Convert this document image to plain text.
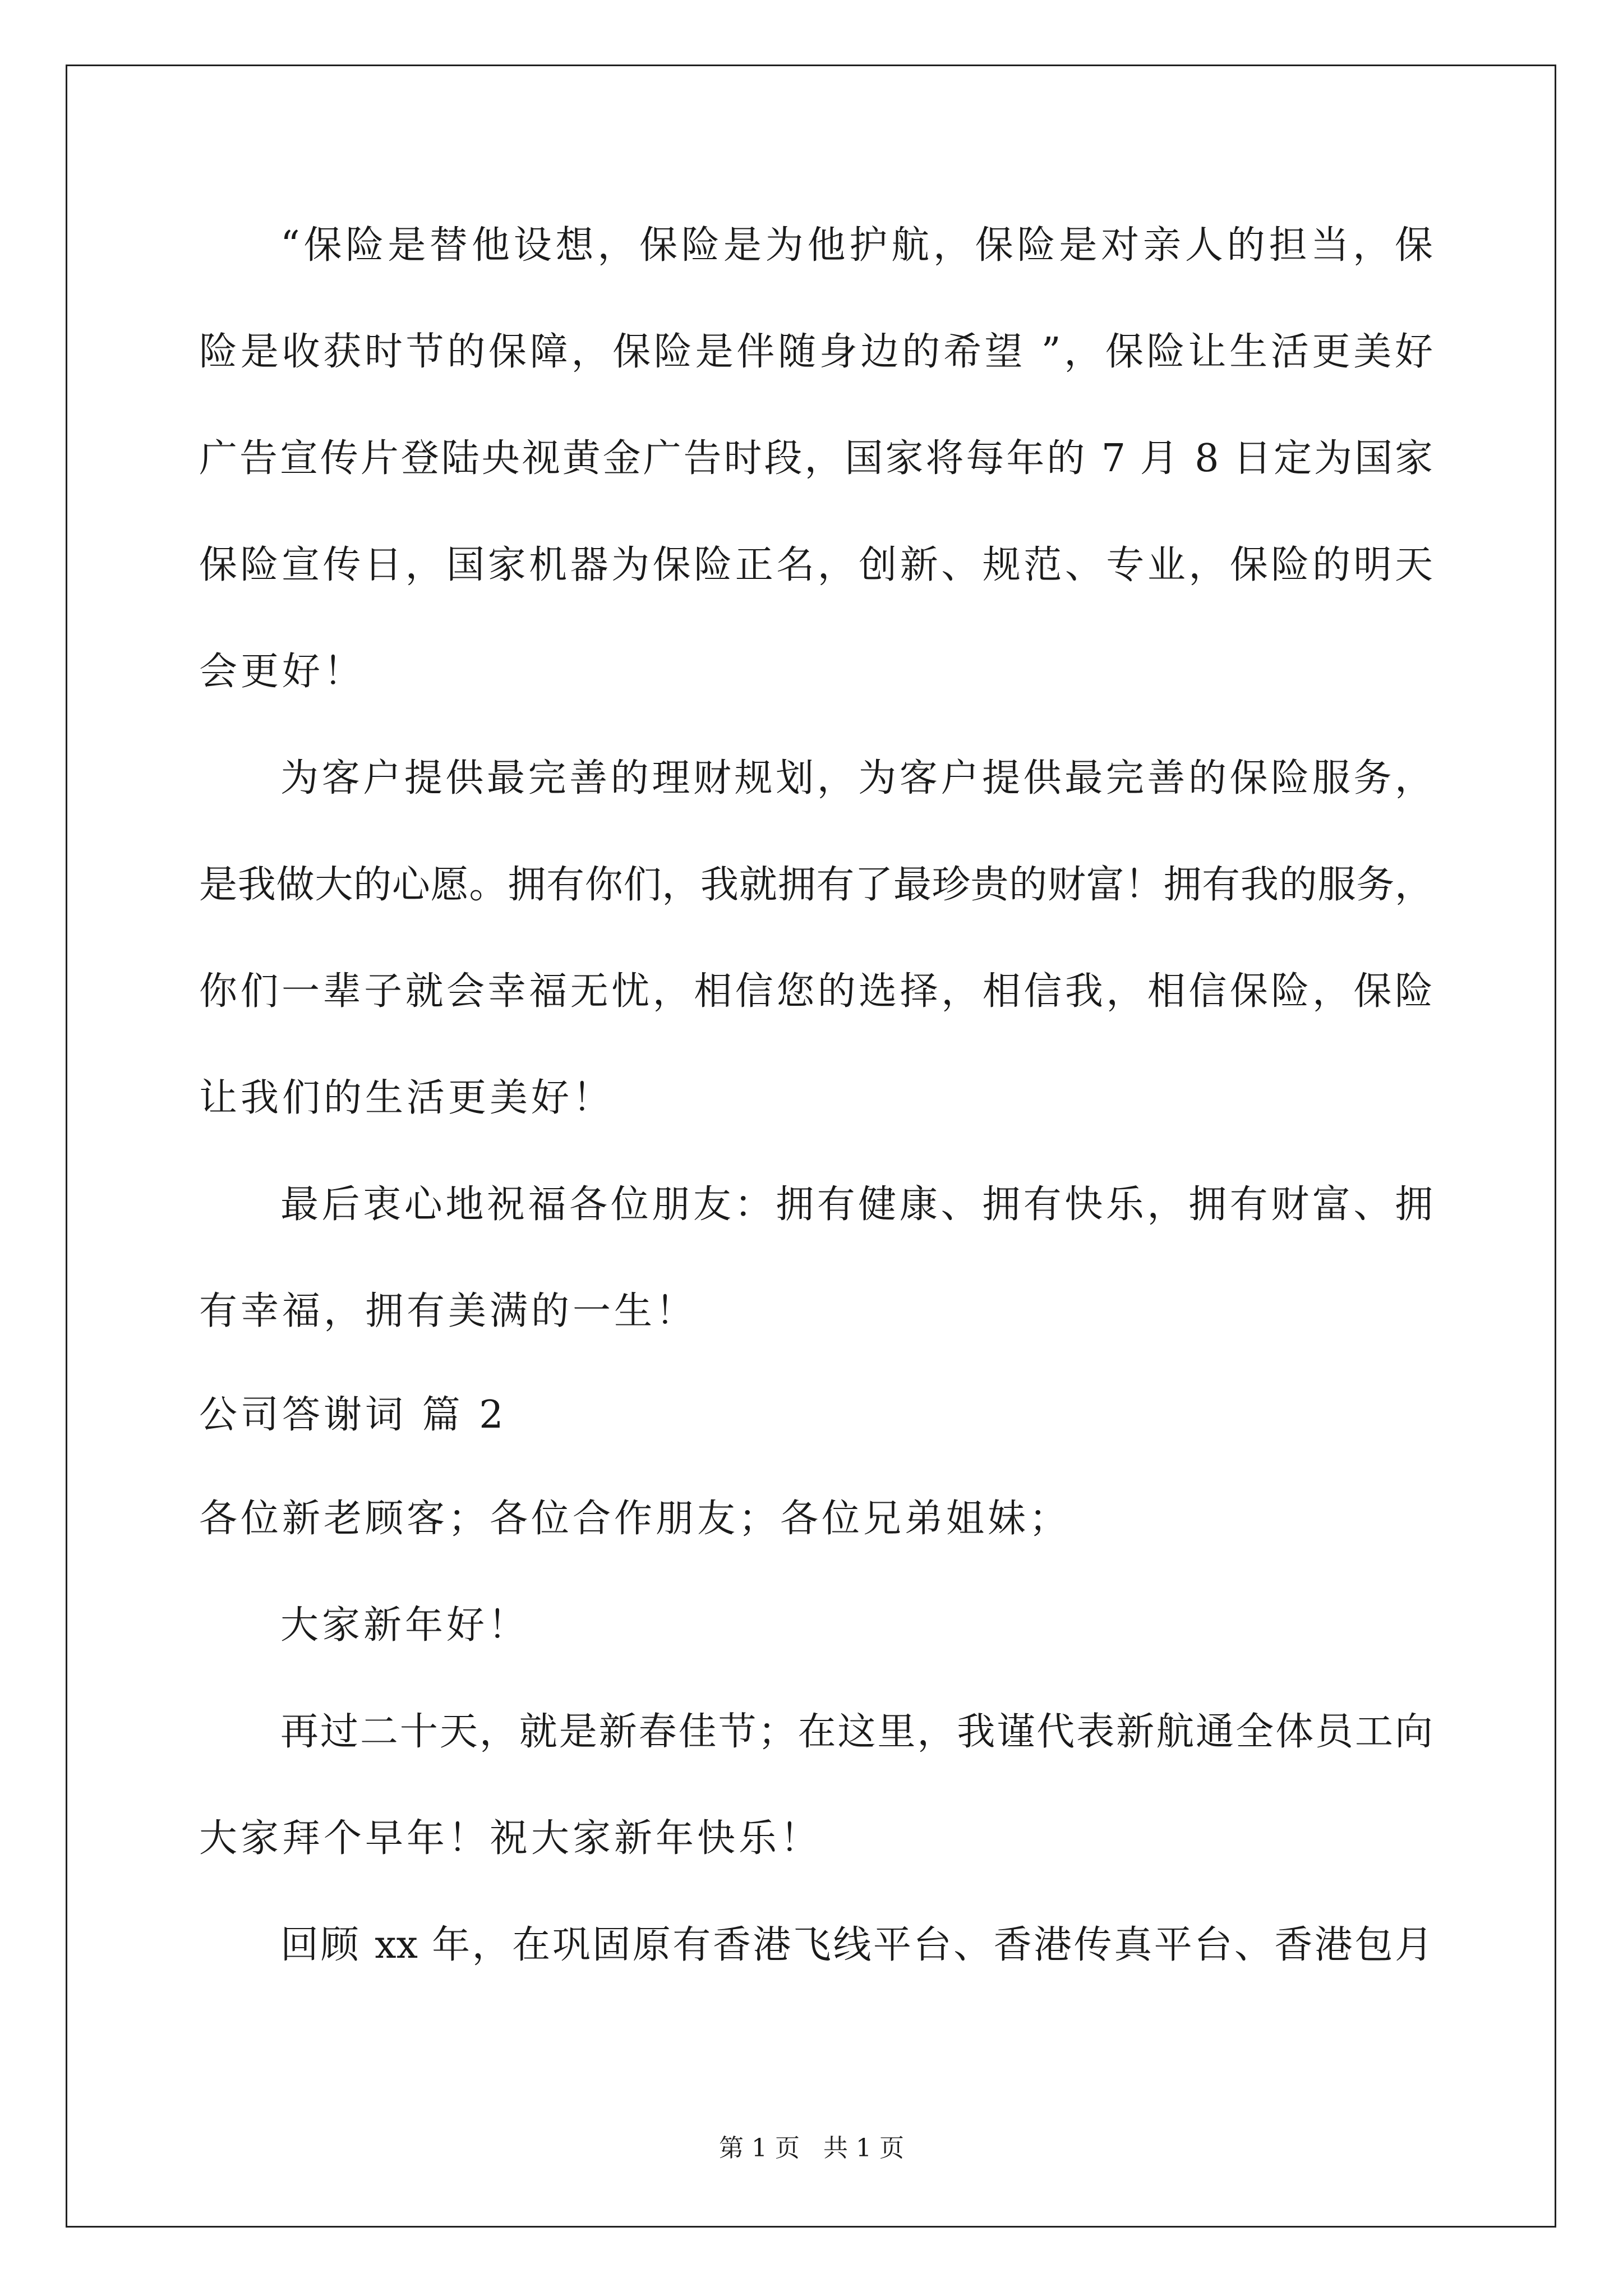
“保险是替他设想，保险是为他护航，保险是对亲人的担当，保
险是收获时节的保障，保险是伴随身边的希望 ”，保险让生活更美好
广告宣传片登陆央视黄金广告时段，国家将每年的 7 月 8 日定为国家
保险宣传日，国家机器为保险正名，创新、规范、专业，保险的明天
会更好！
为客户提供最完善的理财规划，为客户提供最完善的保险服务，
是我做大的心愿。拥有你们，我就拥有了最珍贵的财富！拥有我的服务，
你们一辈子就会幸福无忧，相信您的选择，相信我，相信保险，保险
让我们的生活更美好！
最后衷心地祝福各位朋友：拥有健康、拥有快乐，拥有财富、拥
有幸福，拥有美满的一生！
公司答谢词 篇 2
各位新老顾客；各位合作朋友；各位兄弟姐妹；
大家新年好！
再过二十天，就是新春佳节；在这里，我谨代表新航通全体员工向
大家拜个早年！祝大家新年快乐！
回顾 xx 年，在巩固原有香港飞线平台、香港传真平台、香港包月
第 1 页 共 1 页
